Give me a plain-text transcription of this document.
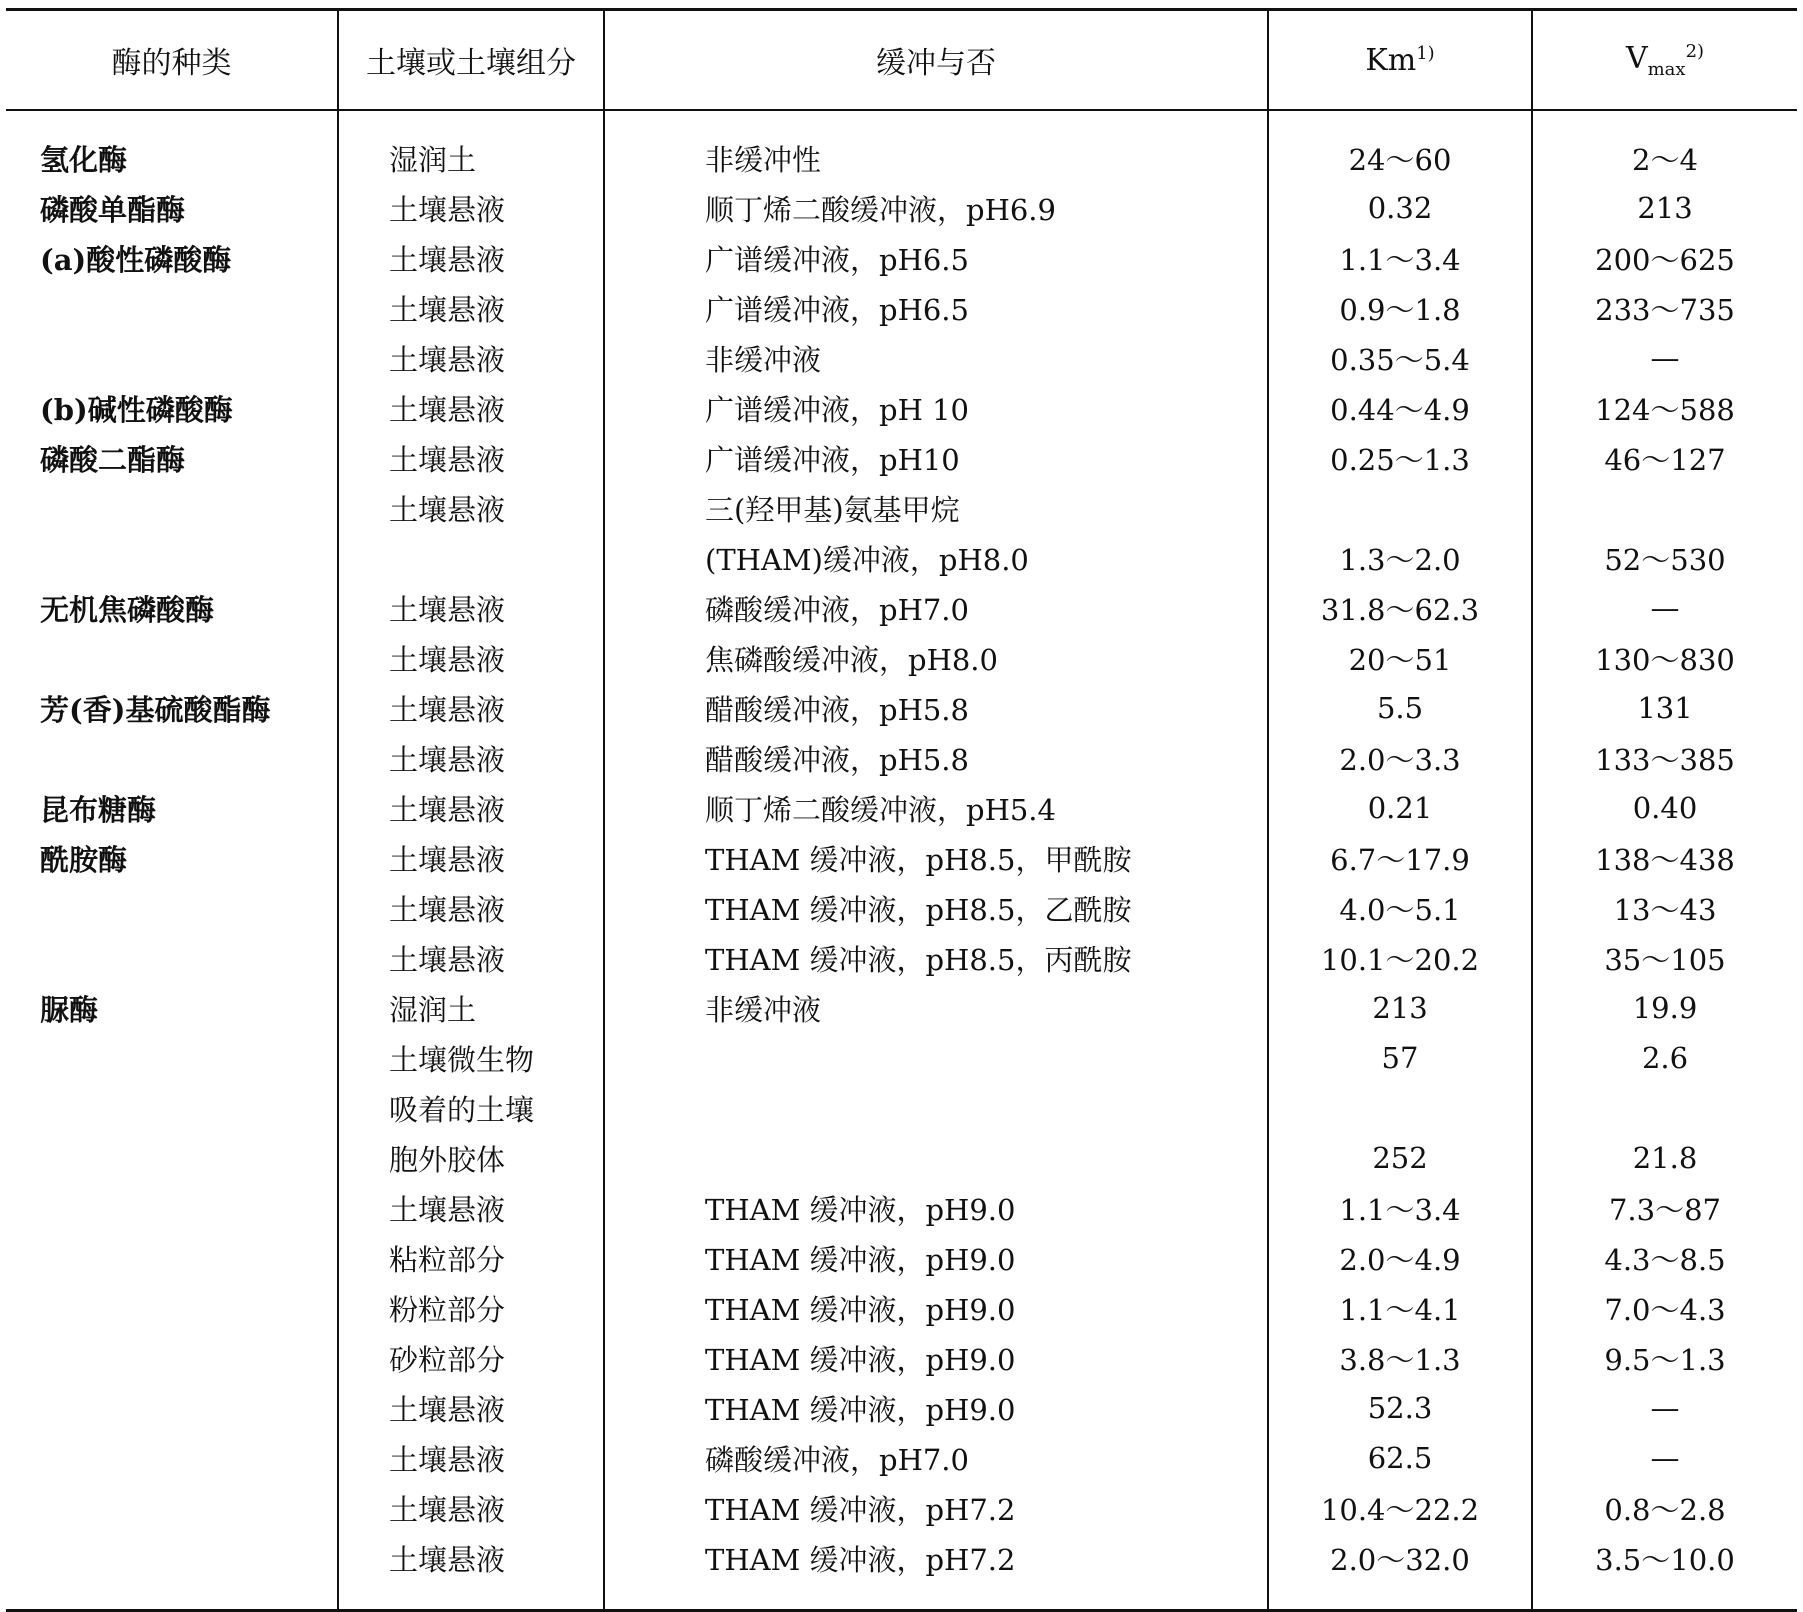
酶的种类	土壤或土壤组分	缓冲与否	Km$^{1)}$	$V_{max}^{2)}$

氢化酶	湿润土	非缓冲性	24～60	2～4
磷酸单酯酶	土壤悬液	顺丁烯二酸缓冲液，pH6.9	0.32	213
(a)酸性磷酸酶	土壤悬液	广谱缓冲液，pH6.5	1.1～3.4	200～625
	土壤悬液	广谱缓冲液，pH6.5	0.9～1.8	233～735
	土壤悬液	非缓冲液	0.35～5.4	—
(b)碱性磷酸酶	土壤悬液	广谱缓冲液，pH 10	0.44～4.9	124～588
磷酸二酯酶	土壤悬液	广谱缓冲液，pH10	0.25～1.3	46～127
	土壤悬液	三(羟甲基)氨基甲烷		
		(THAM)缓冲液，pH8.0	1.3～2.0	52～530
无机焦磷酸酶	土壤悬液	磷酸缓冲液，pH7.0	31.8～62.3	—
	土壤悬液	焦磷酸缓冲液，pH8.0	20～51	130～830
芳(香)基硫酸酯酶	土壤悬液	醋酸缓冲液，pH5.8	5.5	131
	土壤悬液	醋酸缓冲液，pH5.8	2.0～3.3	133～385
昆布糖酶	土壤悬液	顺丁烯二酸缓冲液，pH5.4	0.21	0.40
酰胺酶	土壤悬液	THAM 缓冲液，pH8.5，甲酰胺	6.7～17.9	138～438
	土壤悬液	THAM 缓冲液，pH8.5，乙酰胺	4.0～5.1	13～43
	土壤悬液	THAM 缓冲液，pH8.5，丙酰胺	10.1～20.2	35～105
脲酶	湿润土	非缓冲液	213	19.9
	土壤微生物		57	2.6
	吸着的土壤			
	胞外胶体		252	21.8
	土壤悬液	THAM 缓冲液，pH9.0	1.1～3.4	7.3～87
	粘粒部分	THAM 缓冲液，pH9.0	2.0～4.9	4.3～8.5
	粉粒部分	THAM 缓冲液，pH9.0	1.1～4.1	7.0～4.3
	砂粒部分	THAM 缓冲液，pH9.0	3.8～1.3	9.5～1.3
	土壤悬液	THAM 缓冲液，pH9.0	52.3	—
	土壤悬液	磷酸缓冲液，pH7.0	62.5	—
	土壤悬液	THAM 缓冲液，pH7.2	10.4～22.2	0.8～2.8
	土壤悬液	THAM 缓冲液，pH7.2	2.0～32.0	3.5～10.0
